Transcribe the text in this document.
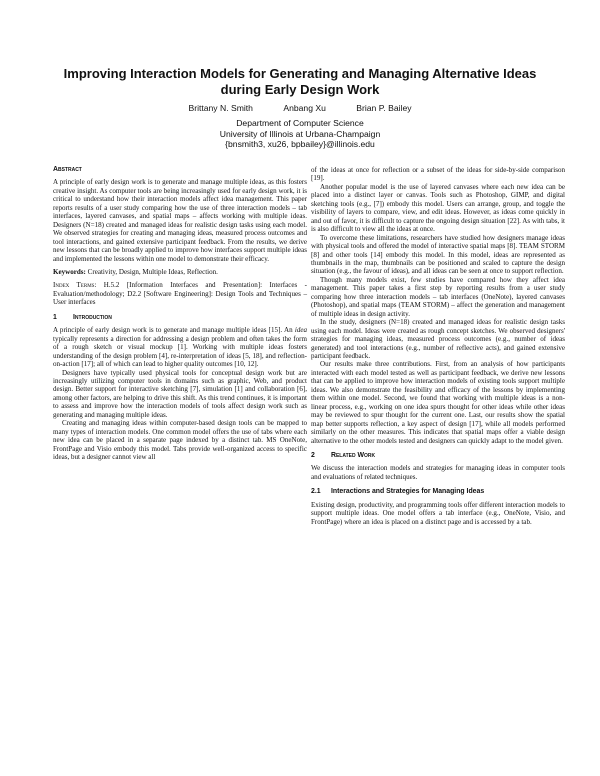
Improving Interaction Models for Generating and Managing Alternative Ideas during Early Design Work
Brittany N. Smith	Anbang Xu	Brian P. Bailey
Department of Computer Science
University of Illinois at Urbana-Champaign
{bnsmith3, xu26, bpbailey}@illinois.edu
Abstract

A principle of early design work is to generate and manage multiple ideas, as this fosters creative insight. As computer tools are being increasingly used for early design work, it is critical to understand how their interaction models affect idea management. This paper reports results of a user study comparing how the use of three interaction models – tab interfaces, layered canvases, and spatial maps – affects working with multiple ideas. Designers (N=18) created and managed ideas for realistic design tasks using each model. We observed strategies for creating and managing ideas, measured process outcomes and tool interactions, and gained extensive participant feedback. From the results, we derive new lessons that can be broadly applied to improve how interfaces support multiple ideas and implemented the lessons within one model to demonstrate their efficacy.

Keywords: Creativity, Design, Multiple Ideas, Reflection.

Index Terms: H.5.2 [Information Interfaces and Presentation]: Interfaces - Evaluation/methodology; D2.2 [Software Engineering]: Design Tools and Techniques – User interfaces

1 Introduction

A principle of early design work is to generate and manage multiple ideas [15]. An idea typically represents a direction for addressing a design problem and often takes the form of a rough sketch or visual mockup [1]. Working with multiple ideas fosters understanding of the design problem [4], re-interpretation of ideas [5, 18], and reflection-on-action [17]; all of which can lead to higher quality outcomes [10, 12].

Designers have typically used physical tools for conceptual design work but are increasingly utilizing computer tools in domains such as graphic, Web, and product design. Better support for interactive sketching [7], simulation [1] and collaboration [6], among other factors, are helping to drive this shift. As this trend continues, it is important to assess and improve how the interaction models of tools affect design work such as generating and managing multiple ideas.

Creating and managing ideas within computer-based design tools can be mapped to many types of interaction models. One common model offers the use of tabs where each new idea can be placed in a separate page indexed by a distinct tab. MS OneNote, FrontPage and Visio embody this model. Tabs provide well-organized access to specific ideas, but a designer cannot view all

of the ideas at once for reflection or a subset of the ideas for side-by-side comparison [19].

Another popular model is the use of layered canvases where each new idea can be placed into a distinct layer or canvas. Tools such as Photoshop, GIMP, and digital sketching tools (e.g., [7]) embody this model. Users can arrange, group, and toggle the visibility of layers to compare, view, and edit ideas. However, as ideas come quickly in and out of favor, it is difficult to capture the ongoing design situation [22]. As with tabs, it is also difficult to view all the ideas at once.

To overcome these limitations, researchers have studied how designers manage ideas with physical tools and offered the model of interactive spatial maps [8]. TEAM STORM [8] and other tools [14] embody this model. In this model, ideas are represented as thumbnails in the map, thumbnails can be positioned and scaled to capture the design situation (e.g., the favour of ideas), and all ideas can be seen at once to support reflection.

Though many models exist, few studies have compared how they affect idea management. This paper takes a first step by reporting results from a user study comparing how three interaction models – tab interfaces (OneNote), layered canvases (Photoshop), and spatial maps (TEAM STORM) – affect the generation and management of multiple ideas in design activity.

In the study, designers (N=18) created and managed ideas for realistic design tasks using each model. Ideas were created as rough concept sketches. We observed designers' strategies for managing ideas, measured process outcomes (e.g., number of ideas generated) and tool interactions (e.g., number of reflective acts), and gained extensive participant feedback.

Our results make three contributions. First, from an analysis of how participants interacted with each model tested as well as participant feedback, we derive new lessons that can be applied to improve how interaction models of existing tools support multiple ideas. We also demonstrate the feasibility and efficacy of the lessons by implementing them within one model. Second, we found that working with multiple ideas is a non-linear process, e.g., working on one idea spurs thought for other ideas while other ideas may be reviewed to spur thought for the current one. Last, our results show the spatial map better supports reflection, a key aspect of design [17], while all models performed similarly on the other measures. This indicates that spatial maps offer a viable design alternative to the other models tested and designers can quickly adapt to the model given.

2 Related Work

We discuss the interaction models and strategies for managing ideas in computer tools and evaluations of related techniques.

2.1 Interactions and Strategies for Managing Ideas

Existing design, productivity, and programming tools offer different interaction models to support multiple ideas. One model offers a tab interface (e.g., OneNote, Visio, and FrontPage) where an idea is placed on a distinct page and is accessed by a tab.
